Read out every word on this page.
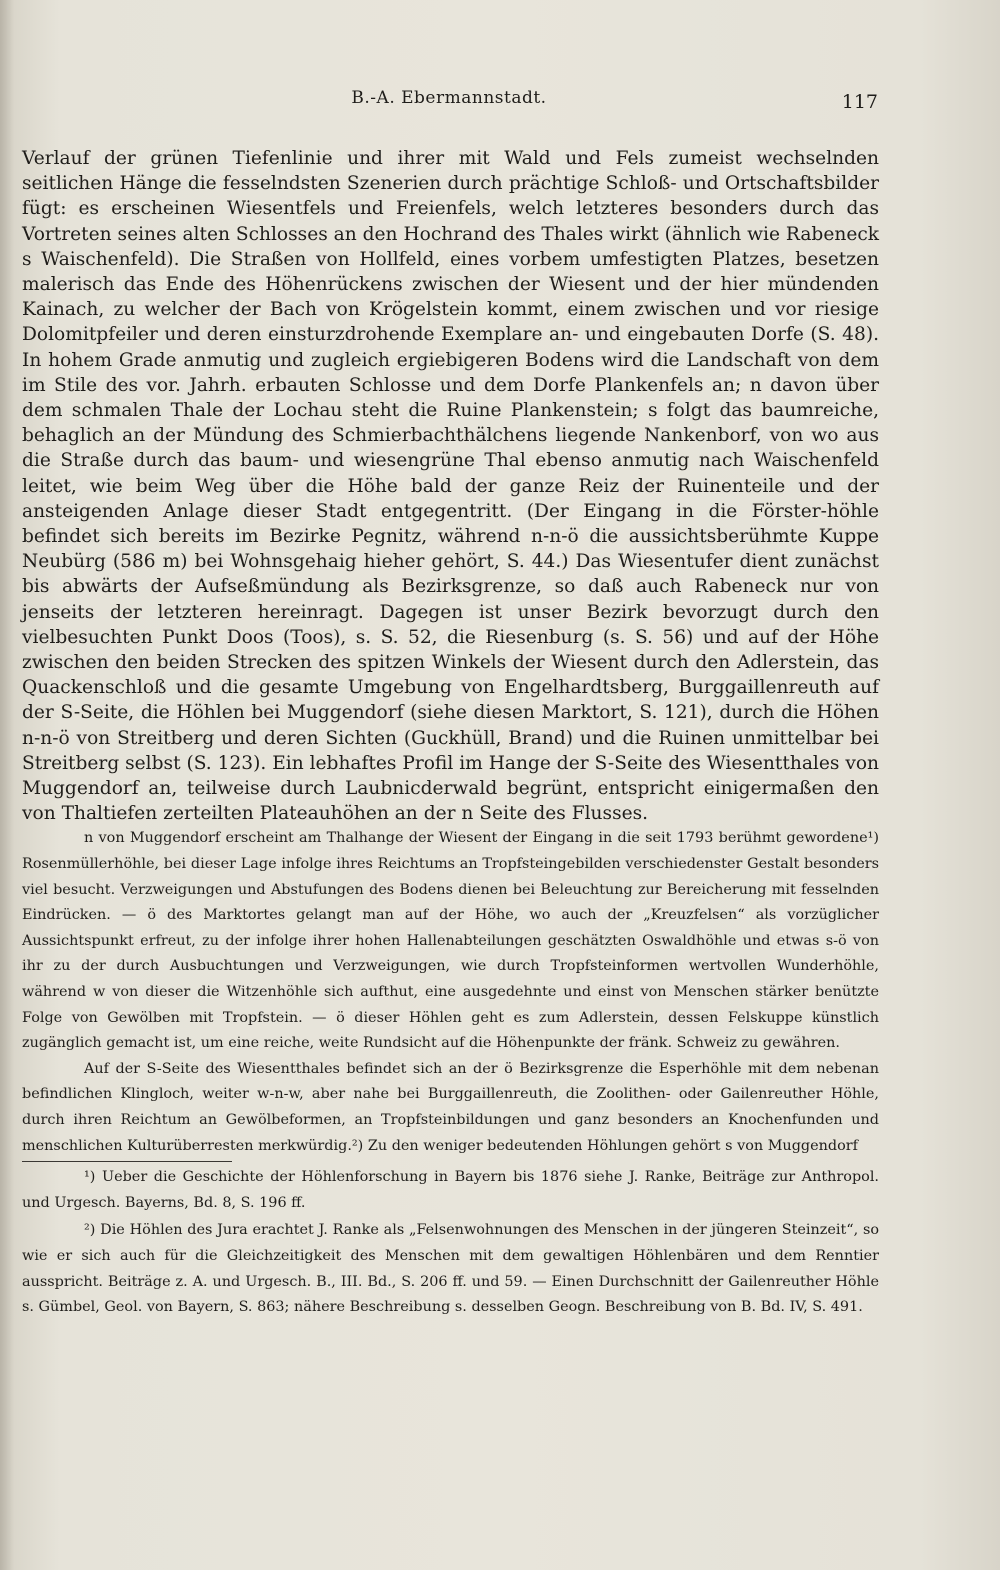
B.-A. Ebermannstadt.	117

Verlauf der grünen Tiefenlinie und ihrer mit Wald und Fels zumeist wechselnden seitlichen Hänge die fesselndsten Szenerien durch prächtige Schloß- und Ortschaftsbilder fügt: es erscheinen Wiesentfels und Freienfels, welch letzteres besonders durch das Vortreten seines alten Schlosses an den Hochrand des Thales wirkt (ähnlich wie Rabeneck s Waischenfeld). Die Straßen von Hollfeld, eines vorbem umfestigten Platzes, besetzen malerisch das Ende des Höhenrückens zwischen der Wiesent und der hier mündenden Kainach, zu welcher der Bach von Krögelstein kommt, einem zwischen und vor riesige Dolomitpfeiler und deren einsturzdrohende Exemplare an- und eingebauten Dorfe (S. 48). In hohem Grade anmutig und zugleich ergiebigeren Bodens wird die Landschaft von dem im Stile des vor. Jahrh. erbauten Schlosse und dem Dorfe Plankenfels an; n davon über dem schmalen Thale der Lochau steht die Ruine Plankenstein; s folgt das baumreiche, behaglich an der Mündung des Schmierbachthälchens liegende Nankenborf, von wo aus die Straße durch das baum- und wiesengrüne Thal ebenso anmutig nach Waischenfeld leitet, wie beim Weg über die Höhe bald der ganze Reiz der Ruinenteile und der ansteigenden Anlage dieser Stadt entgegentritt. (Der Eingang in die Förster-höhle befindet sich bereits im Bezirke Pegnitz, während n-n-ö die aussichtsberühmte Kuppe Neubürg (586 m) bei Wohnsgehaig hieher gehört, S. 44.) Das Wiesentufer dient zunächst bis abwärts der Aufseßmündung als Bezirksgrenze, so daß auch Rabeneck nur von jenseits der letzteren hereinragt. Dagegen ist unser Bezirk bevorzugt durch den vielbesuchten Punkt Doos (Toos), s. S. 52, die Riesenburg (s. S. 56) und auf der Höhe zwischen den beiden Strecken des spitzen Winkels der Wiesent durch den Adlerstein, das Quackenschloß und die gesamte Umgebung von Engelhardtsberg, Burggaillenreuth auf der S-Seite, die Höhlen bei Muggendorf (siehe diesen Marktort, S. 121), durch die Höhen n-n-ö von Streitberg und deren Sichten (Guckhüll, Brand) und die Ruinen unmittelbar bei Streitberg selbst (S. 123). Ein lebhaftes Profil im Hange der S-Seite des Wiesentthales von Muggendorf an, teilweise durch Laubnicderwald begrünt, entspricht einigermaßen den von Thaltiefen zerteilten Plateauhöhen an der n Seite des Flusses.

n von Muggendorf erscheint am Thalhange der Wiesent der Eingang in die seit 1793 berühmt gewordene¹) Rosenmüllerhöhle, bei dieser Lage infolge ihres Reichtums an Tropfsteingebilden verschiedenster Gestalt besonders viel besucht. Verzweigungen und Abstufungen des Bodens dienen bei Beleuchtung zur Bereicherung mit fesselnden Eindrücken. — ö des Marktortes gelangt man auf der Höhe, wo auch der „Kreuzfelsen“ als vorzüglicher Aussichtspunkt erfreut, zu der infolge ihrer hohen Hallenabteilungen geschätzten Oswaldhöhle und etwas s-ö von ihr zu der durch Ausbuchtungen und Verzweigungen, wie durch Tropfsteinformen wertvollen Wunderhöhle, während w von dieser die Witzenhöhle sich aufthut, eine ausgedehnte und einst von Menschen stärker benützte Folge von Gewölben mit Tropfstein. — ö dieser Höhlen geht es zum Adlerstein, dessen Felskuppe künstlich zugänglich gemacht ist, um eine reiche, weite Rundsicht auf die Höhenpunkte der fränk. Schweiz zu gewähren.

Auf der S-Seite des Wiesentthales befindet sich an der ö Bezirksgrenze die Esperhöhle mit dem nebenan befindlichen Klingloch, weiter w-n-w, aber nahe bei Burggaillenreuth, die Zoolithen- oder Gailenreuther Höhle, durch ihren Reichtum an Gewölbeformen, an Tropfsteinbildungen und ganz besonders an Knochenfunden und menschlichen Kulturüberresten merkwürdig.²) Zu den weniger bedeutenden Höhlungen gehört s von Muggendorf

¹) Ueber die Geschichte der Höhlenforschung in Bayern bis 1876 siehe J. Ranke, Beiträge zur Anthropol. und Urgesch. Bayerns, Bd. 8, S. 196 ff.

²) Die Höhlen des Jura erachtet J. Ranke als „Felsenwohnungen des Menschen in der jüngeren Steinzeit“, so wie er sich auch für die Gleichzeitigkeit des Menschen mit dem gewaltigen Höhlenbären und dem Renntier ausspricht. Beiträge z. A. und Urgesch. B., III. Bd., S. 206 ff. und 59. — Einen Durchschnitt der Gailenreuther Höhle s. Gümbel, Geol. von Bayern, S. 863; nähere Beschreibung s. desselben Geogn. Beschreibung von B. Bd. IV, S. 491.
